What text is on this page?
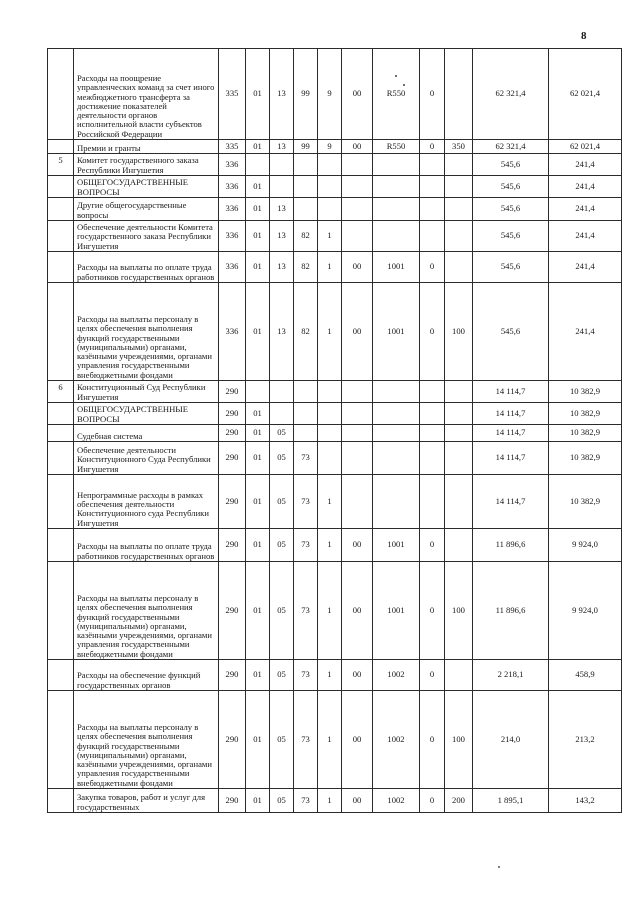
8
	Расходы на поощрение управленческих команд за счет иного межбюджетного трансферта за достижение показателей деятельности органов исполнительной власти субъектов Российской Федерации	335	01	13	99	9	00	R550	0		62 321,4	62 021,4
	Премии и гранты	335	01	13	99	9	00	R550	0	350	62 321,4	62 021,4
5	Комитет государственного заказа Республики Ингушетия	336									545,6	241,4
	ОБЩЕГОСУДАРСТВЕННЫЕ ВОПРОСЫ	336	01								545,6	241,4
	Другие общегосударственные вопросы	336	01	13							545,6	241,4
	Обеспечение деятельности Комитета государственного заказа Республики Ингушетия	336	01	13	82	1					545,6	241,4
	Расходы на выплаты по оплате труда работников государственных органов	336	01	13	82	1	00	1001	0		545,6	241,4
	Расходы на выплаты персоналу в целях обеспечения выполнения функций государственными (муниципальными) органами, казёнными учреждениями, органами управления государственными внебюджетными фондами	336	01	13	82	1	00	1001	0	100	545,6	241,4
6	Конституционный Суд Республики Ингушетия	290									14 114,7	10 382,9
	ОБЩЕГОСУДАРСТВЕННЫЕ ВОПРОСЫ	290	01								14 114,7	10 382,9
	Судебная система	290	01	05							14 114,7	10 382,9
	Обеспечение деятельности Конституционного Суда Республики Ингушетия	290	01	05	73						14 114,7	10 382,9
	Непрограммные расходы в рамках обеспечения деятельности Конституционного суда Республики Ингушетия	290	01	05	73	1					14 114,7	10 382,9
	Расходы на выплаты по оплате труда работников государственных органов	290	01	05	73	1	00	1001	0		11 896,6	9 924,0
	Расходы на выплаты персоналу в целях обеспечения выполнения функций государственными (муниципальными) органами, казёнными учреждениями, органами управления государственными внебюджетными фондами	290	01	05	73	1	00	1001	0	100	11 896,6	9 924,0
	Расходы на обеспечение функций государственных органов	290	01	05	73	1	00	1002	0		2 218,1	458,9
	Расходы на выплаты персоналу в целях обеспечения выполнения функций государственными (муниципальными) органами, казёнными учреждениями, органами управления государственными внебюджетными фондами	290	01	05	73	1	00	1002	0	100	214,0	213,2
	Закупка товаров, работ и услуг для государственных	290	01	05	73	1	00	1002	0	200	1 895,1	143,2
